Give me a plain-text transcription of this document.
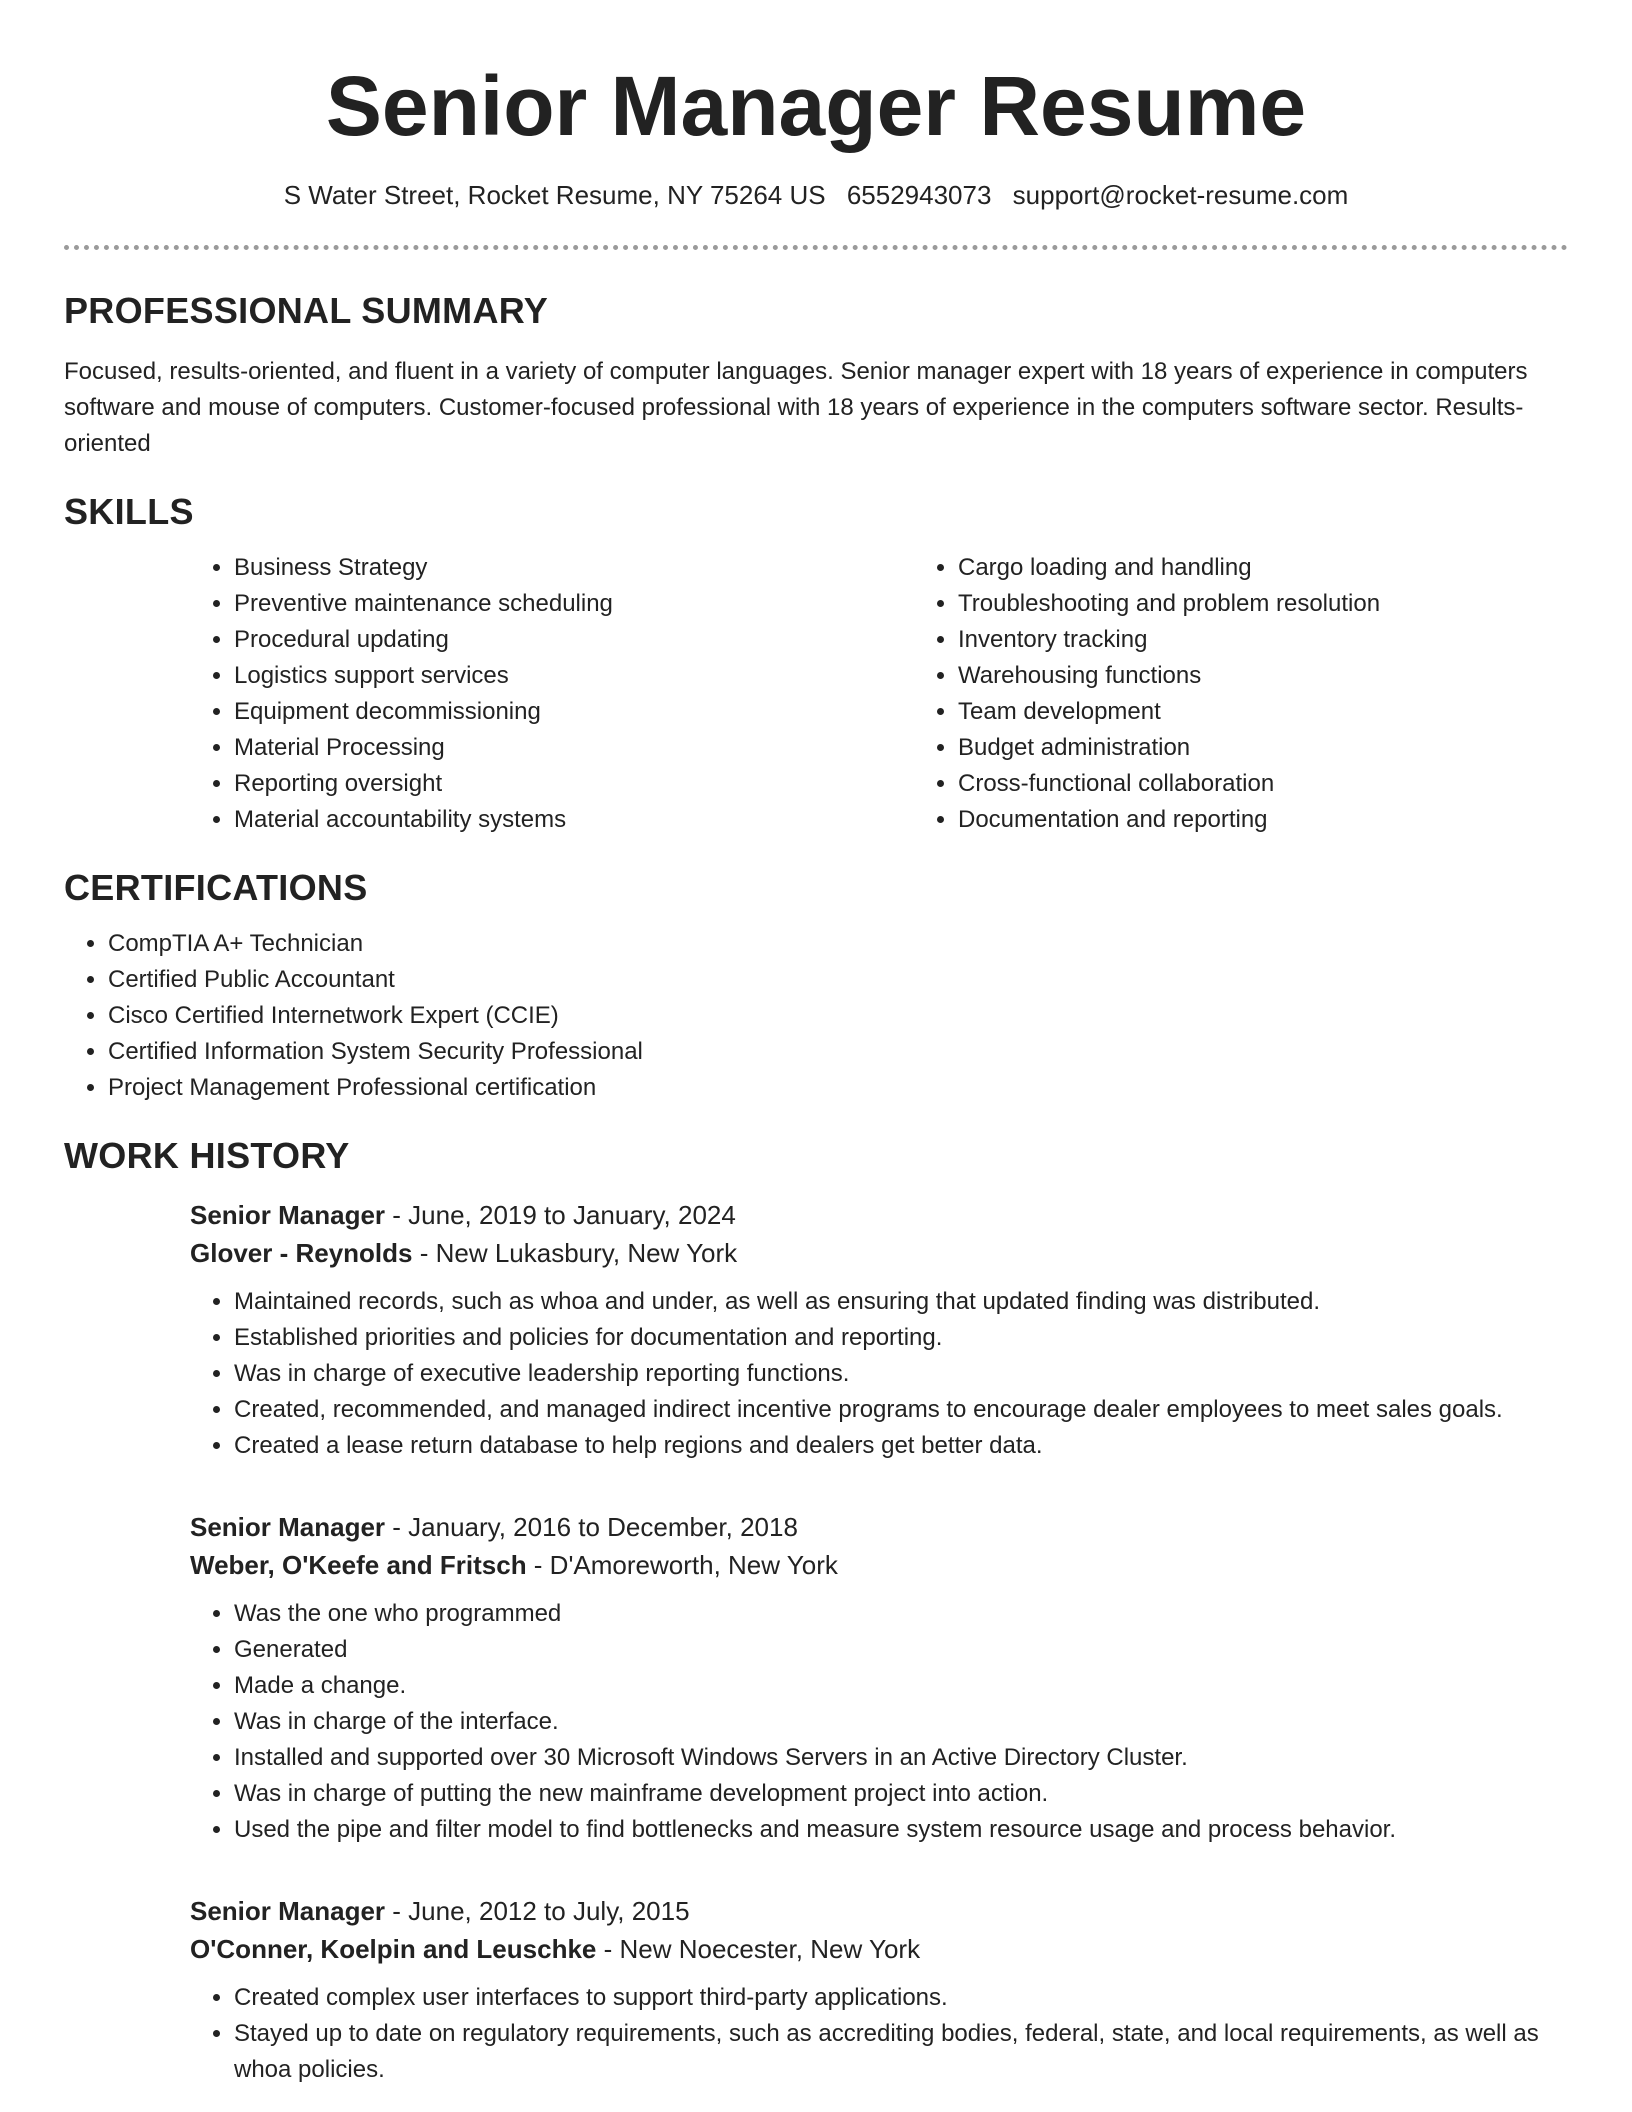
Senior Manager Resume
S Water Street, Rocket Resume, NY 75264 US 6552943073 support@rocket-resume.com
PROFESSIONAL SUMMARY

Focused, results-oriented, and fluent in a variety of computer languages. Senior manager expert with 18 years of experience in computers software and mouse of computers. Customer-focused professional with 18 years of experience in the computers software sector. Results-oriented

SKILLS
• Business Strategy
• Preventive maintenance scheduling
• Procedural updating
• Logistics support services
• Equipment decommissioning
• Material Processing
• Reporting oversight
• Material accountability systems
• Cargo loading and handling
• Troubleshooting and problem resolution
• Inventory tracking
• Warehousing functions
• Team development
• Budget administration
• Cross-functional collaboration
• Documentation and reporting
CERTIFICATIONS
• CompTIA A+ Technician
• Certified Public Accountant
• Cisco Certified Internetwork Expert (CCIE)
• Certified Information System Security Professional
• Project Management Professional certification
WORK HISTORY

Senior Manager - June, 2019 to January, 2024

Glover - Reynolds - New Lukasbury, New York

• Maintained records, such as whoa and under, as well as ensuring that updated finding was distributed.
• Established priorities and policies for documentation and reporting.
• Was in charge of executive leadership reporting functions.
• Created, recommended, and managed indirect incentive programs to encourage dealer employees to meet sales goals.
• Created a lease return database to help regions and dealers get better data.

Senior Manager - January, 2016 to December, 2018

Weber, O'Keefe and Fritsch - D'Amoreworth, New York

• Was the one who programmed
• Generated
• Made a change.
• Was in charge of the interface.
• Installed and supported over 30 Microsoft Windows Servers in an Active Directory Cluster.
• Was in charge of putting the new mainframe development project into action.
• Used the pipe and filter model to find bottlenecks and measure system resource usage and process behavior.

Senior Manager - June, 2012 to July, 2015

O'Conner, Koelpin and Leuschke - New Noecester, New York

• Created complex user interfaces to support third-party applications.
• Stayed up to date on regulatory requirements, such as accrediting bodies, federal, state, and local requirements, as well as whoa policies.
